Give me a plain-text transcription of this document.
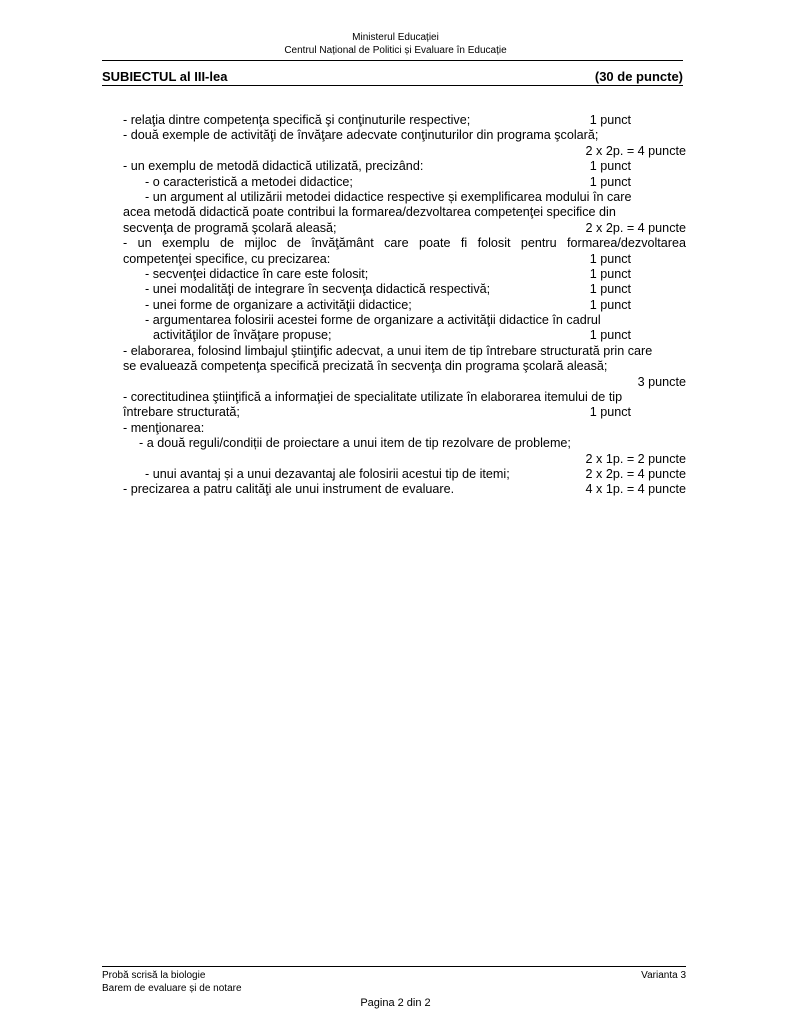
Ministerul Educației
Centrul Național de Politici și Evaluare în Educație
SUBIECTUL al III-lea	(30 de puncte)
- relaţia dintre competenţa specifică şi conţinuturile respective;	1 punct
- două exemple de activităţi de învăţare adecvate conţinuturilor din programa şcolară;
2 x 2p. = 4 puncte
- un exemplu de metodă didactică utilizată, precizând:	1 punct
- o caracteristică a metodei didactice;	1 punct
- un argument al utilizării metodei didactice respective și exemplificarea modului în care
acea metodă didactică poate contribui la formarea/dezvoltarea competenţei specifice din
secvenţa de programă şcolară aleasă;	2 x 2p. = 4 puncte
- un exemplu de mijloc de învăţământ care poate fi folosit pentru formarea/dezvoltarea
competenţei specifice, cu precizarea:	1 punct
- secvenţei didactice în care este folosit;	1 punct
- unei modalităţi de integrare în secvenţa didactică respectivă;	1 punct
- unei forme de organizare a activităţii didactice;	1 punct
- argumentarea folosirii acestei forme de organizare a activităţii didactice în cadrul
activităţilor de învăţare propuse;	1 punct
- elaborarea, folosind limbajul ştiinţific adecvat, a unui item de tip întrebare structurată prin care
se evaluează competenţa specifică precizată în secvenţa din programa şcolară aleasă;
3 puncte
- corectitudinea ştiinţifică a informaţiei de specialitate utilizate în elaborarea itemului de tip
întrebare structurată;	1 punct
- menţionarea:
- a două reguli/condiții de proiectare a unui item de tip rezolvare de probleme;
2 x 1p. = 2 puncte
- unui avantaj și a unui dezavantaj ale folosirii acestui tip de itemi;	2 x 2p. = 4 puncte
- precizarea a patru calităţi ale unui instrument de evaluare.	4 x 1p. = 4 puncte
Probă scrisă la biologie
Barem de evaluare și de notare
Varianta 3
Pagina 2 din 2
